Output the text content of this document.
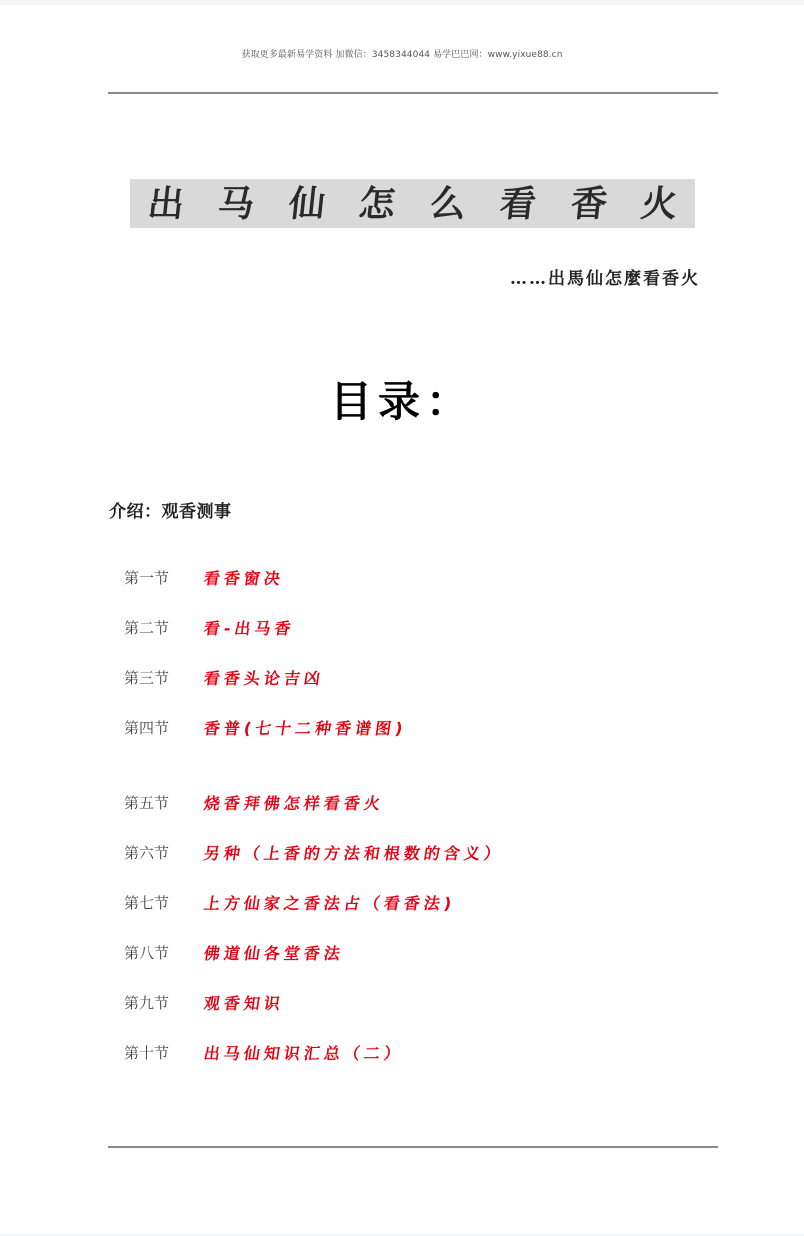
获取更多最新易学资料 加微信：3458344044 易学巴巴网：www.yixue88.cn
出 马 仙 怎 么 看 香 火
……出馬仙怎麼看香火
目录：
介绍：观香测事
第一节	看香窗决
第二节	看-出马香
第三节	看香头论吉凶
第四节	香普(七十二种香谱图)
第五节	烧香拜佛怎样看香火
第六节	另种（上香的方法和根数的含义）
第七节	上方仙家之香法占（看香法)
第八节	佛道仙各堂香法
第九节	观香知识
第十节	出马仙知识汇总（二）
